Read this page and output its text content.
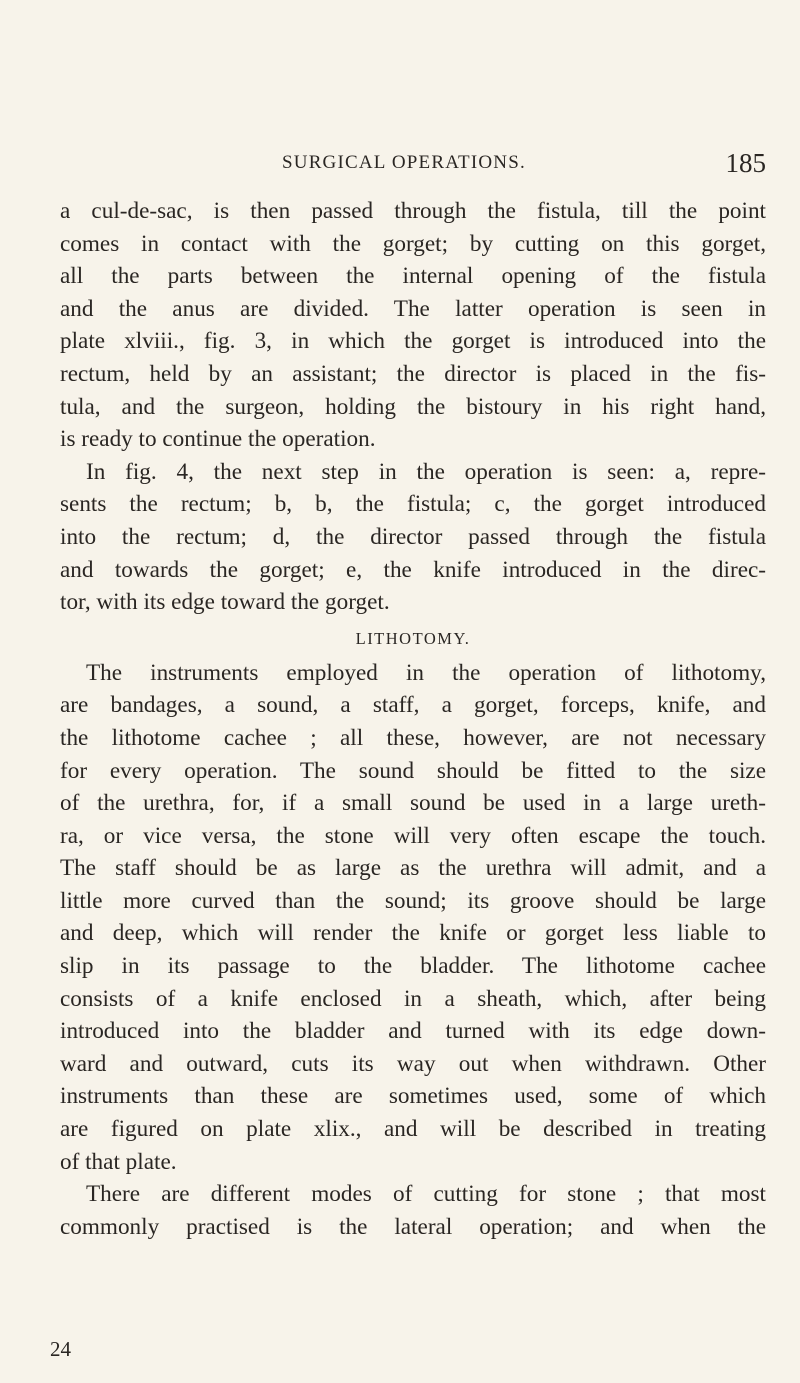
SURGICAL OPERATIONS.	185
a cul-de-sac, is then passed through the fistula, till the point
comes in contact with the gorget; by cutting on this gorget,
all the parts between the internal opening of the fistula
and the anus are divided. The latter operation is seen in
plate xlviii., fig. 3, in which the gorget is introduced into the
rectum, held by an assistant; the director is placed in the fis-
tula, and the surgeon, holding the bistoury in his right hand,
is ready to continue the operation.
In fig. 4, the next step in the operation is seen: a, repre-
sents the rectum; b, b, the fistula; c, the gorget introduced
into the rectum; d, the director passed through the fistula
and towards the gorget; e, the knife introduced in the direc-
tor, with its edge toward the gorget.
LITHOTOMY.
The instruments employed in the operation of lithotomy,
are bandages, a sound, a staff, a gorget, forceps, knife, and
the lithotome cachee ; all these, however, are not necessary
for every operation. The sound should be fitted to the size
of the urethra, for, if a small sound be used in a large ureth-
ra, or vice versa, the stone will very often escape the touch.
The staff should be as large as the urethra will admit, and a
little more curved than the sound; its groove should be large
and deep, which will render the knife or gorget less liable to
slip in its passage to the bladder. The lithotome cachee
consists of a knife enclosed in a sheath, which, after being
introduced into the bladder and turned with its edge down-
ward and outward, cuts its way out when withdrawn. Other
instruments than these are sometimes used, some of which
are figured on plate xlix., and will be described in treating
of that plate.
There are different modes of cutting for stone ; that most
commonly practised is the lateral operation; and when the
24
